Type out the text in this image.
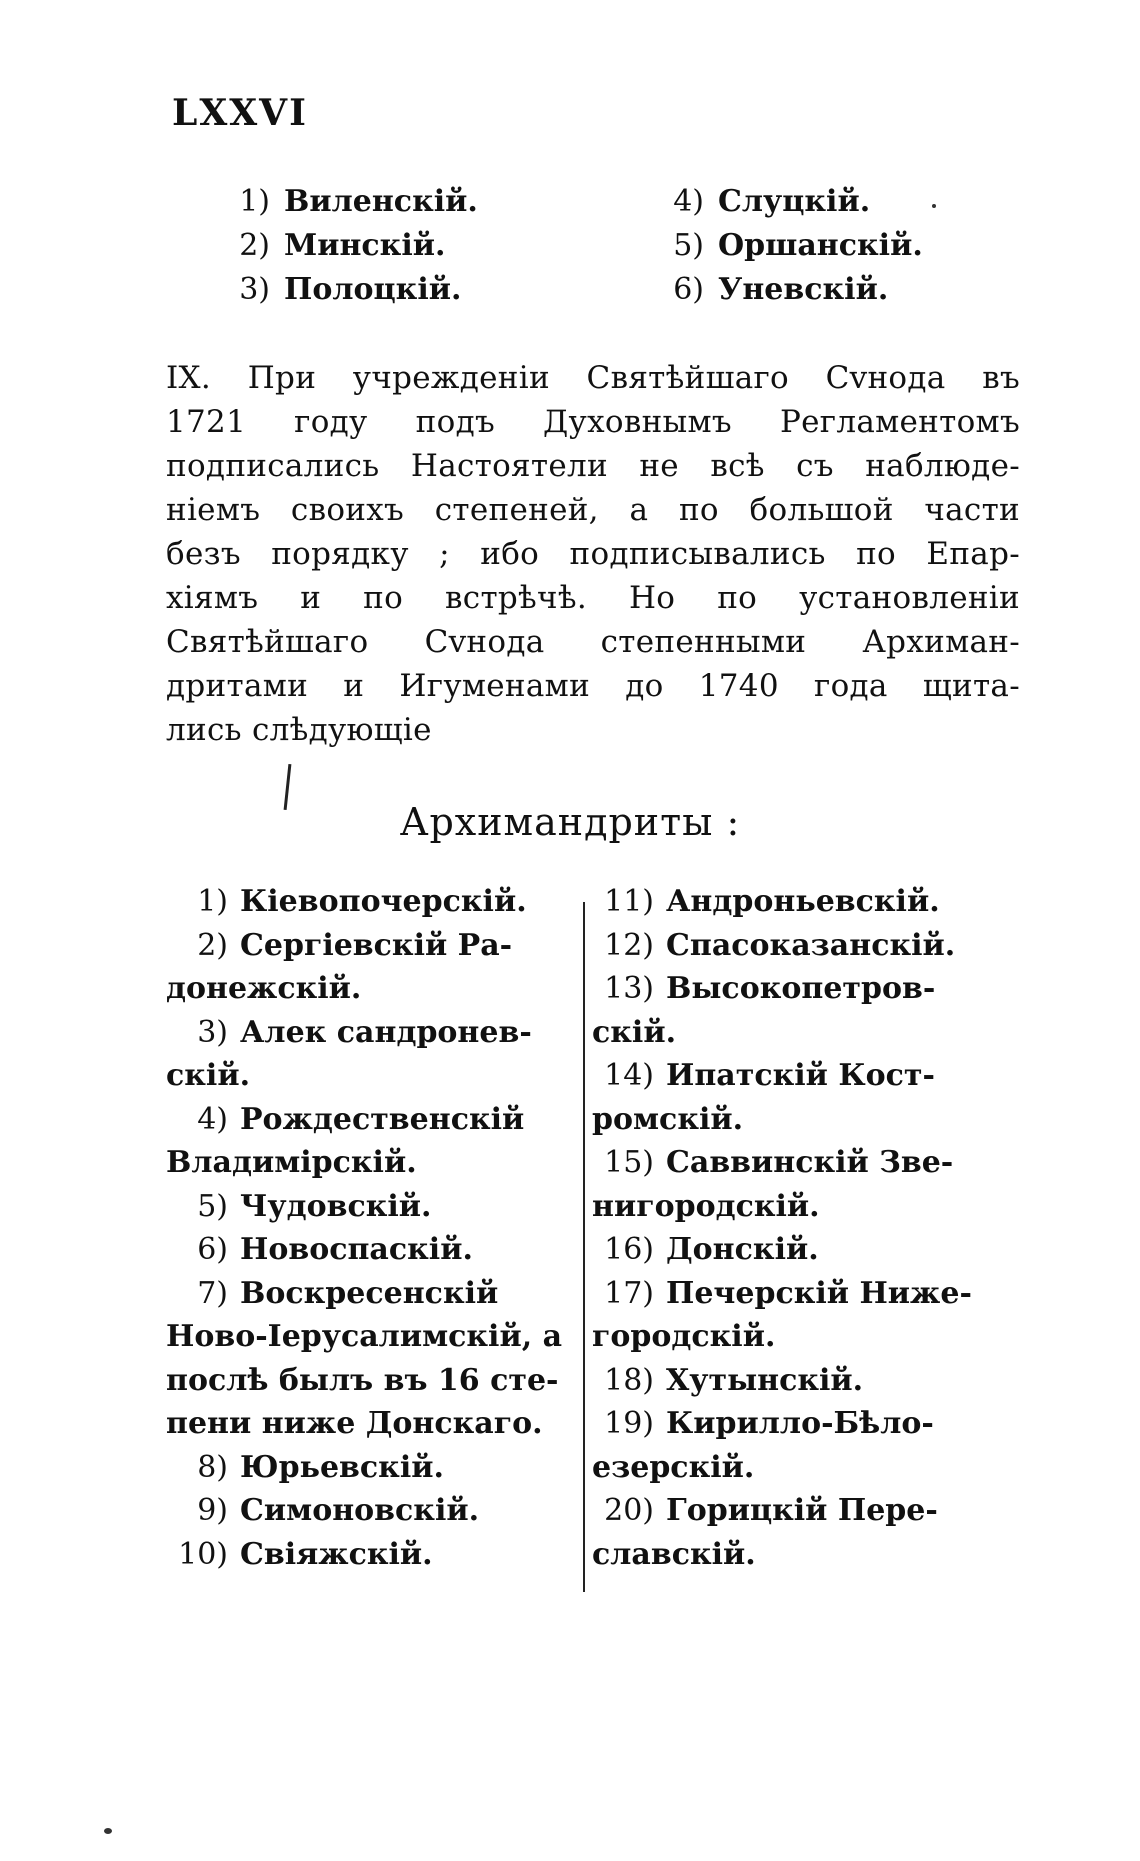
LXXVI
1) Виленскій.
2) Минскій.
3) Полоцкій.
4) Слуцкій.
5) Оршанскій.
6) Уневскій.
IX. При учрежденіи Святѣйшаго Сvнода въ
1721 году подъ Духовнымъ Регламентомъ
подписались Настоятели не всѣ съ наблюде-
ніемъ своихъ степеней, а по большой части
безъ порядку ; ибо подписывались по Епар-
хіямъ и по встрѣчѣ. Но по установленіи
Святѣйшаго Сvнода степенными Архиман-
дритами и Игуменами до 1740 года щита-
лись слѣдующіе
Архимандриты :
1) Кіевопочерскій.
2) Сергіевскій Ра-
донежскій.
3) Алек сандронев-
скій.
4) Рождественскій
Владимірскій.
5) Чудовскій.
6) Новоспаскій.
7) Воскресенскій
Ново-Іерусалимскій, а
послѣ былъ въ 16 сте-
пени ниже Донскаго.
8) Юрьевскій.
9) Симоновскій.
10) Свіяжскій.
11) Андроньевскій.
12) Спасоказанскій.
13) Высокопетров-
скій.
14) Ипатскій Кост-
ромскій.
15) Саввинскій Зве-
нигородскій.
16) Донскій.
17) Печерскій Ниже-
городскій.
18) Хутынскій.
19) Кирилло-Бѣло-
езерскій.
20) Горицкій Пере-
славскій.
